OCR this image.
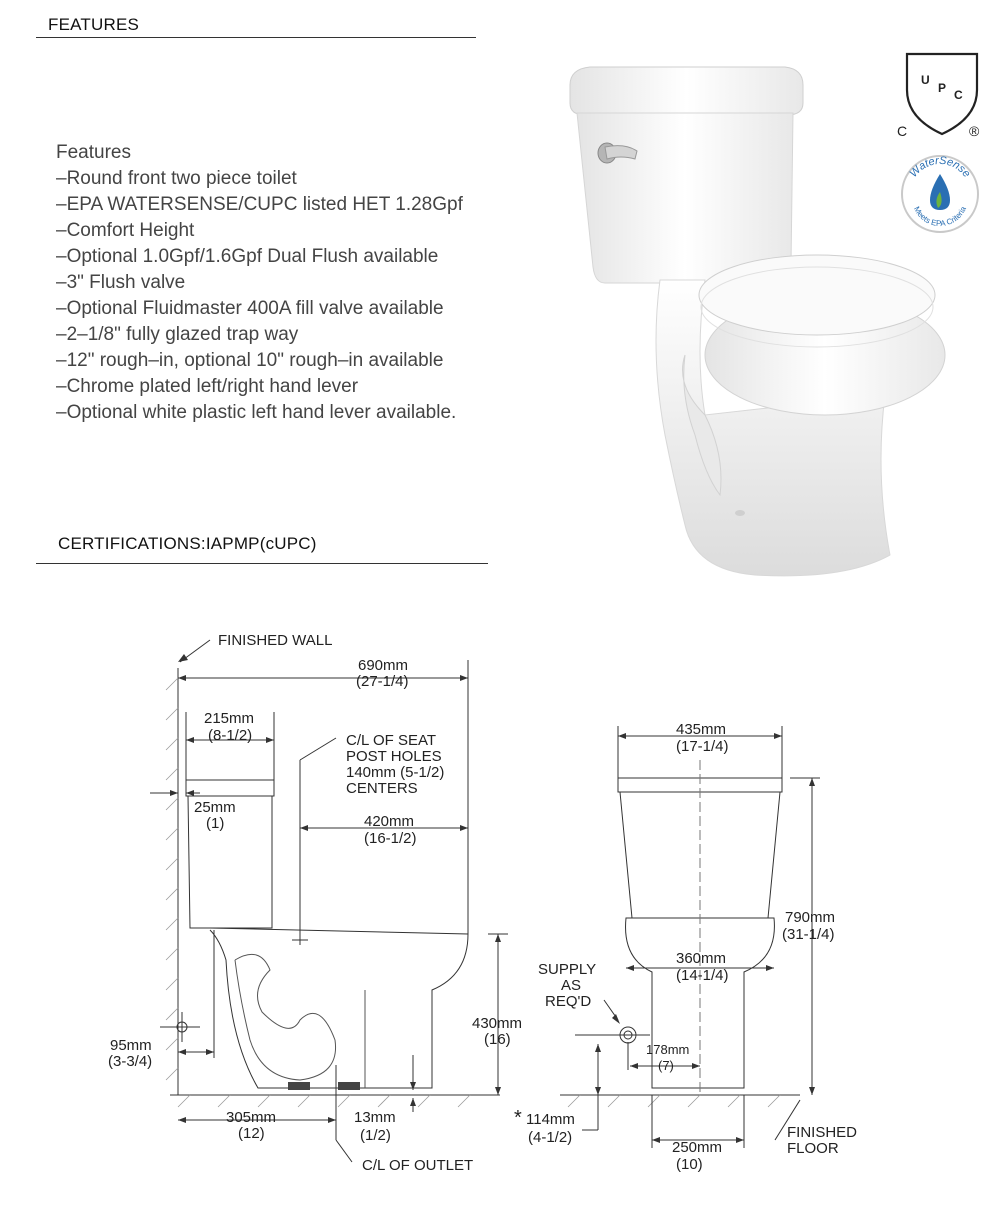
FEATURES
Features
–Round front two piece toilet
–EPA WATERSENSE/CUPC listed HET 1.28Gpf
–Comfort Height
–Optional 1.0Gpf/1.6Gpf Dual Flush available
–3" Flush valve
–Optional Fluidmaster 400A fill valve available
–2–1/8" fully glazed trap way
–12" rough–in, optional 10" rough–in available
–Chrome plated left/right hand lever
–Optional white plastic left hand lever available.
CERTIFICATIONS:IAPMP(cUPC)
U
P C
C	®
WaterSense
Meets EPA Criteria
FINISHED WALL
690mm
(27-1/4)
215mm
(8-1/2)
25mm
(1)
C/L OF SEAT
POST HOLES
140mm (5-1/2)
CENTERS
420mm
(16-1/2)
430mm
(16)
95mm
(3-3/4)
305mm
(12)
13mm
(1/2)
C/L OF OUTLET
435mm
(17-1/4)
790mm
(31-1/4)
360mm
(14-1/4)
SUPPLY
AS
REQ'D
178mm
(7)
* 114mm
(4-1/2)
250mm
(10)
FINISHED
FLOOR
